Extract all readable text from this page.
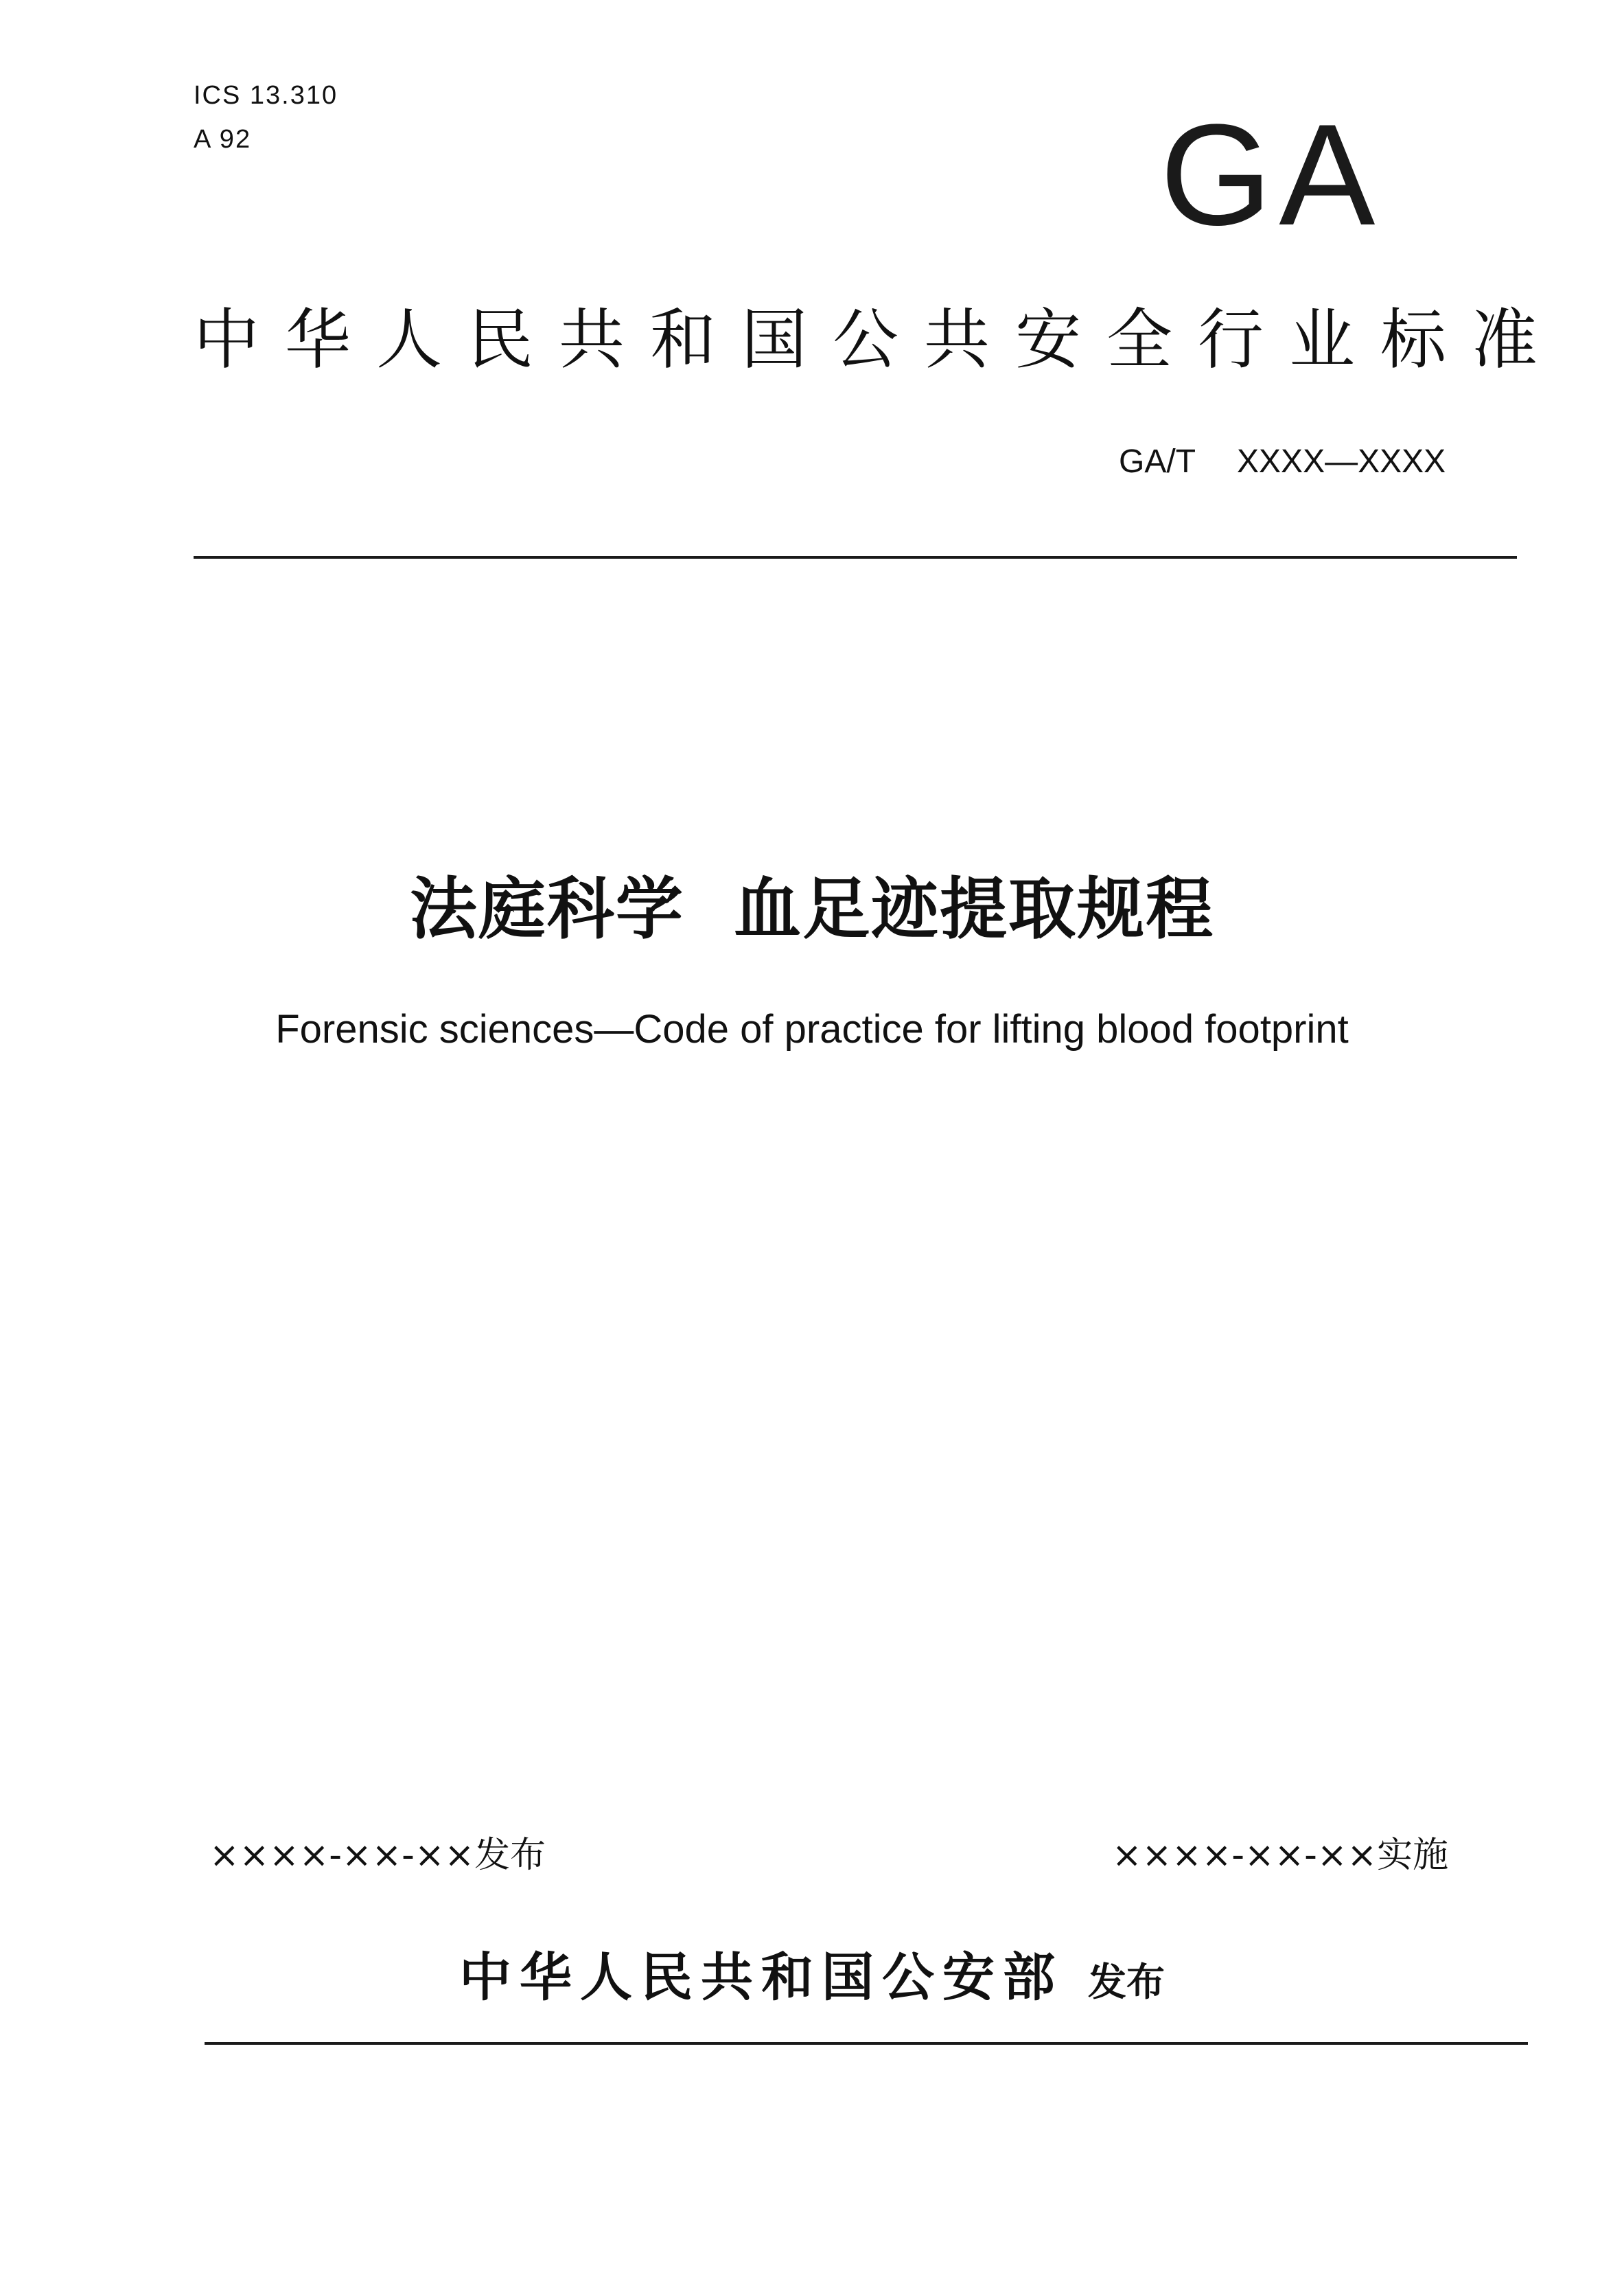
ICS 13.310
A 92	GA
中华人民共和国公共安全行业标准
GA/T XXXX—XXXX
法庭科学  血足迹提取规程
Forensic sciences—Code of practice for lifting blood footprint
××××-××-××发布	××××-××-××实施
中华人民共和国公安部 发布
